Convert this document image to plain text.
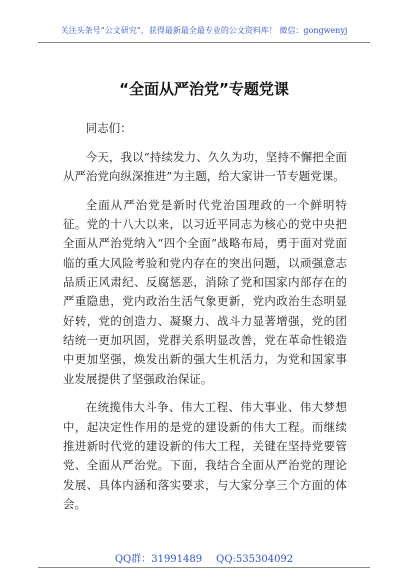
关注头条号“公文研究”，获得最新最全最专业的公文资料库！ 微信：gongwenyj
“全面从严治党”专题党课

同志们：

今天，我以“持续发力、久久为功，坚持不懈把全面从严治党向纵深推进”为主题，给大家讲一节专题党课。

全面从严治党是新时代党治国理政的一个鲜明特征。党的十八大以来，以习近平同志为核心的党中央把全面从严治党纳入“四个全面”战略布局，勇于面对党面临的重大风险考验和党内存在的突出问题，以顽强意志品质正风肃纪、反腐惩恶，消除了党和国家内部存在的严重隐患，党内政治生活气象更新，党内政治生态明显好转，党的创造力、凝聚力、战斗力显著增强，党的团结统一更加巩固，党群关系明显改善，党在革命性锻造中更加坚强，焕发出新的强大生机活力，为党和国家事业发展提供了坚强政治保证。

在统揽伟大斗争、伟大工程、伟大事业、伟大梦想中，起决定性作用的是党的建设新的伟大工程。而继续推进新时代党的建设新的伟大工程，关键在坚持党要管党、全面从严治党。下面，我结合全面从严治党的理论发展、具体内涵和落实要求，与大家分享三个方面的体会。

QQ群：31991489 QQ:535304092
